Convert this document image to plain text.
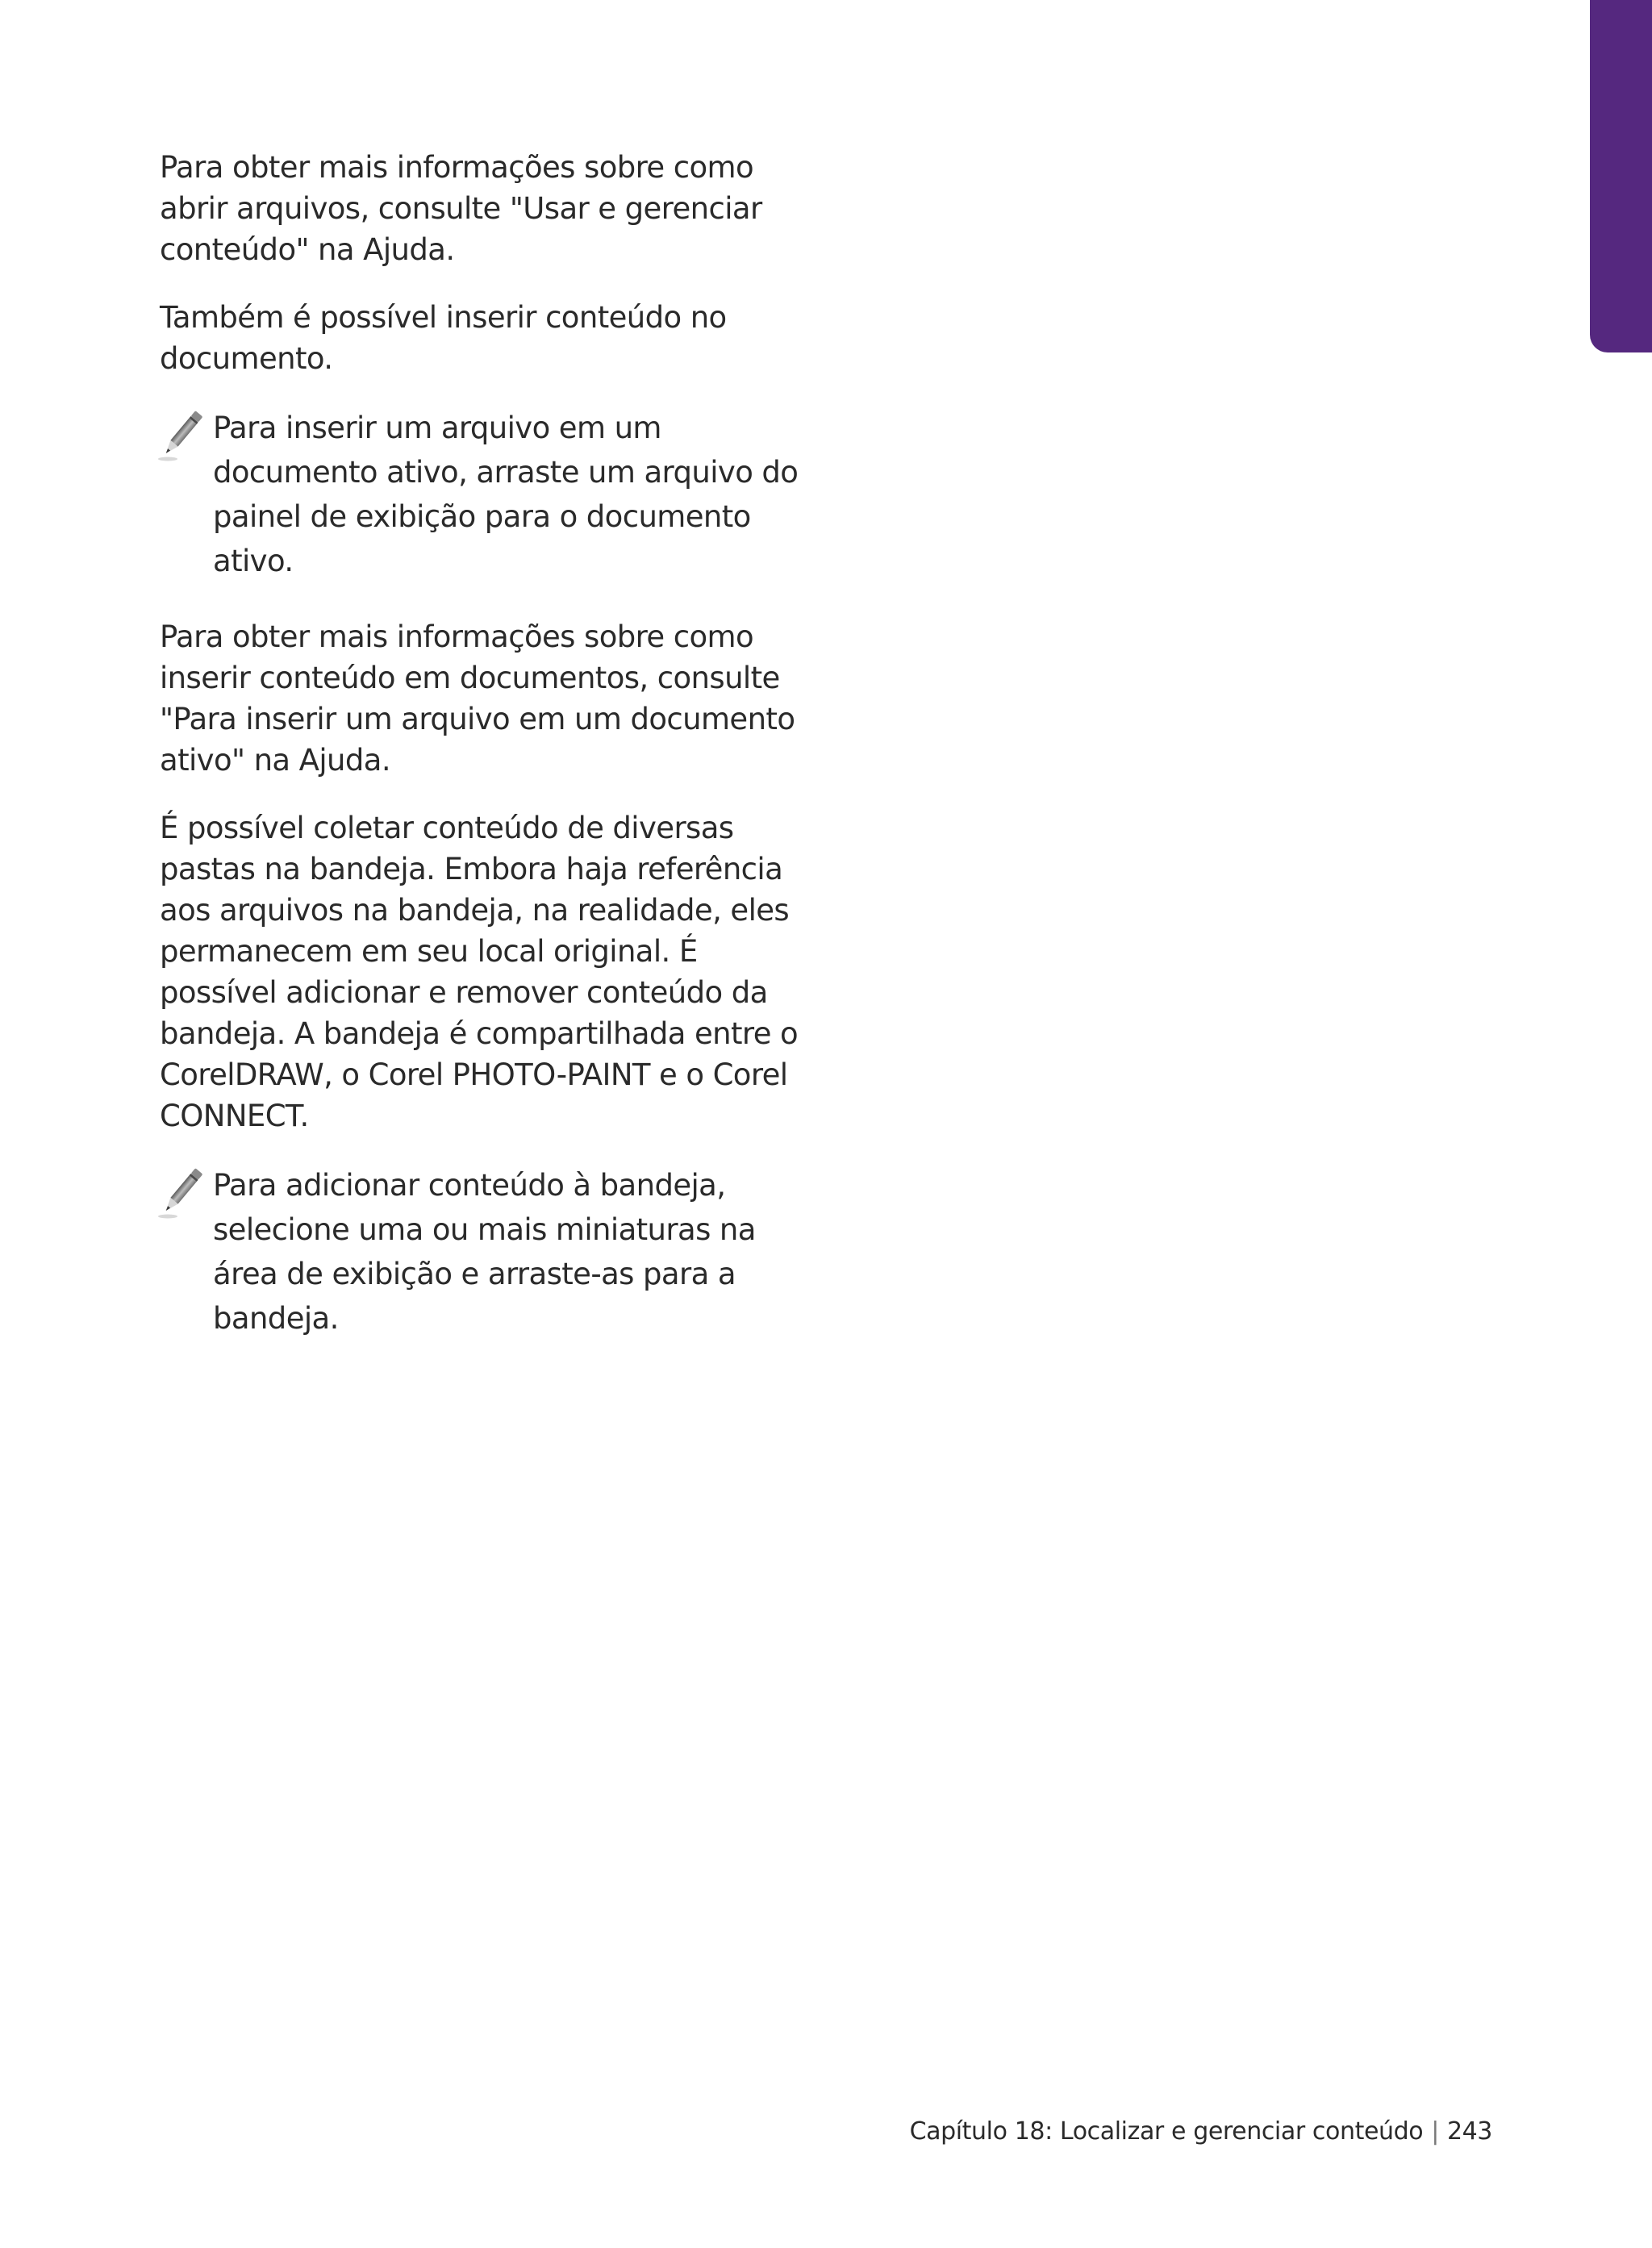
Para obter mais informações sobre como abrir arquivos, consulte "Usar e gerenciar conteúdo" na Ajuda.

Também é possível inserir conteúdo no documento.

Para inserir um arquivo em um documento ativo, arraste um arquivo do painel de exibição para o documento ativo.

Para obter mais informações sobre como inserir conteúdo em documentos, consulte "Para inserir um arquivo em um documento ativo" na Ajuda.

É possível coletar conteúdo de diversas pastas na bandeja. Embora haja referência aos arquivos na bandeja, na realidade, eles permanecem em seu local original. É possível adicionar e remover conteúdo da bandeja. A bandeja é compartilhada entre o CorelDRAW, o Corel PHOTO-PAINT e o Corel CONNECT.

Para adicionar conteúdo à bandeja, selecione uma ou mais miniaturas na área de exibição e arraste-as para a bandeja.
Capítulo 18: Localizar e gerenciar conteúdo | 243
